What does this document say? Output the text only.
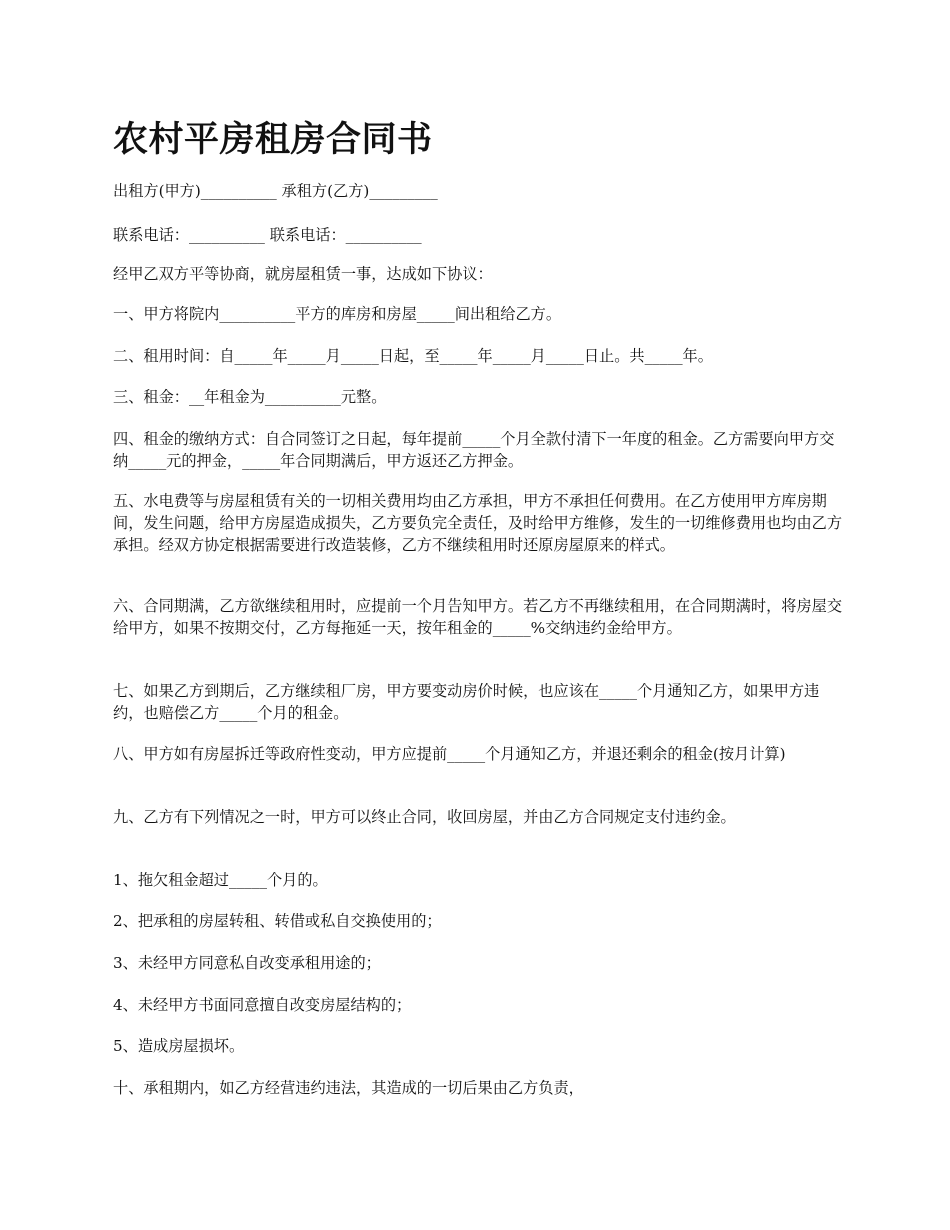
农村平房租房合同书

出租方(甲方)__________ 承租方(乙方)_________

联系电话：__________ 联系电话：__________

经甲乙双方平等协商，就房屋租赁一事，达成如下协议：

一、甲方将院内__________平方的库房和房屋_____间出租给乙方。

二、租用时间：自_____年_____月_____日起，至_____年_____月_____日止。共_____年。

三、租金：__年租金为__________元整。

四、租金的缴纳方式：自合同签订之日起，每年提前_____个月全款付清下一年度的租金。乙方需要向甲方交纳_____元的押金，_____年合同期满后，甲方返还乙方押金。

五、水电费等与房屋租赁有关的一切相关费用均由乙方承担，甲方不承担任何费用。在乙方使用甲方库房期间，发生问题，给甲方房屋造成损失，乙方要负完全责任，及时给甲方维修，发生的一切维修费用也均由乙方承担。经双方协定根据需要进行改造装修，乙方不继续租用时还原房屋原来的样式。

六、合同期满，乙方欲继续租用时，应提前一个月告知甲方。若乙方不再继续租用，在合同期满时，将房屋交给甲方，如果不按期交付，乙方每拖延一天，按年租金的_____%交纳违约金给甲方。

七、如果乙方到期后，乙方继续租厂房，甲方要变动房价时候，也应该在_____个月通知乙方，如果甲方违约，也赔偿乙方_____个月的租金。

八、甲方如有房屋拆迁等政府性变动，甲方应提前_____个月通知乙方，并退还剩余的租金(按月计算)

九、乙方有下列情况之一时，甲方可以终止合同，收回房屋，并由乙方合同规定支付违约金。

1、拖欠租金超过_____个月的。

2、把承租的房屋转租、转借或私自交换使用的；

3、未经甲方同意私自改变承租用途的；

4、未经甲方书面同意擅自改变房屋结构的；

5、造成房屋损坏。

十、承租期内，如乙方经营违约违法，其造成的一切后果由乙方负责，
